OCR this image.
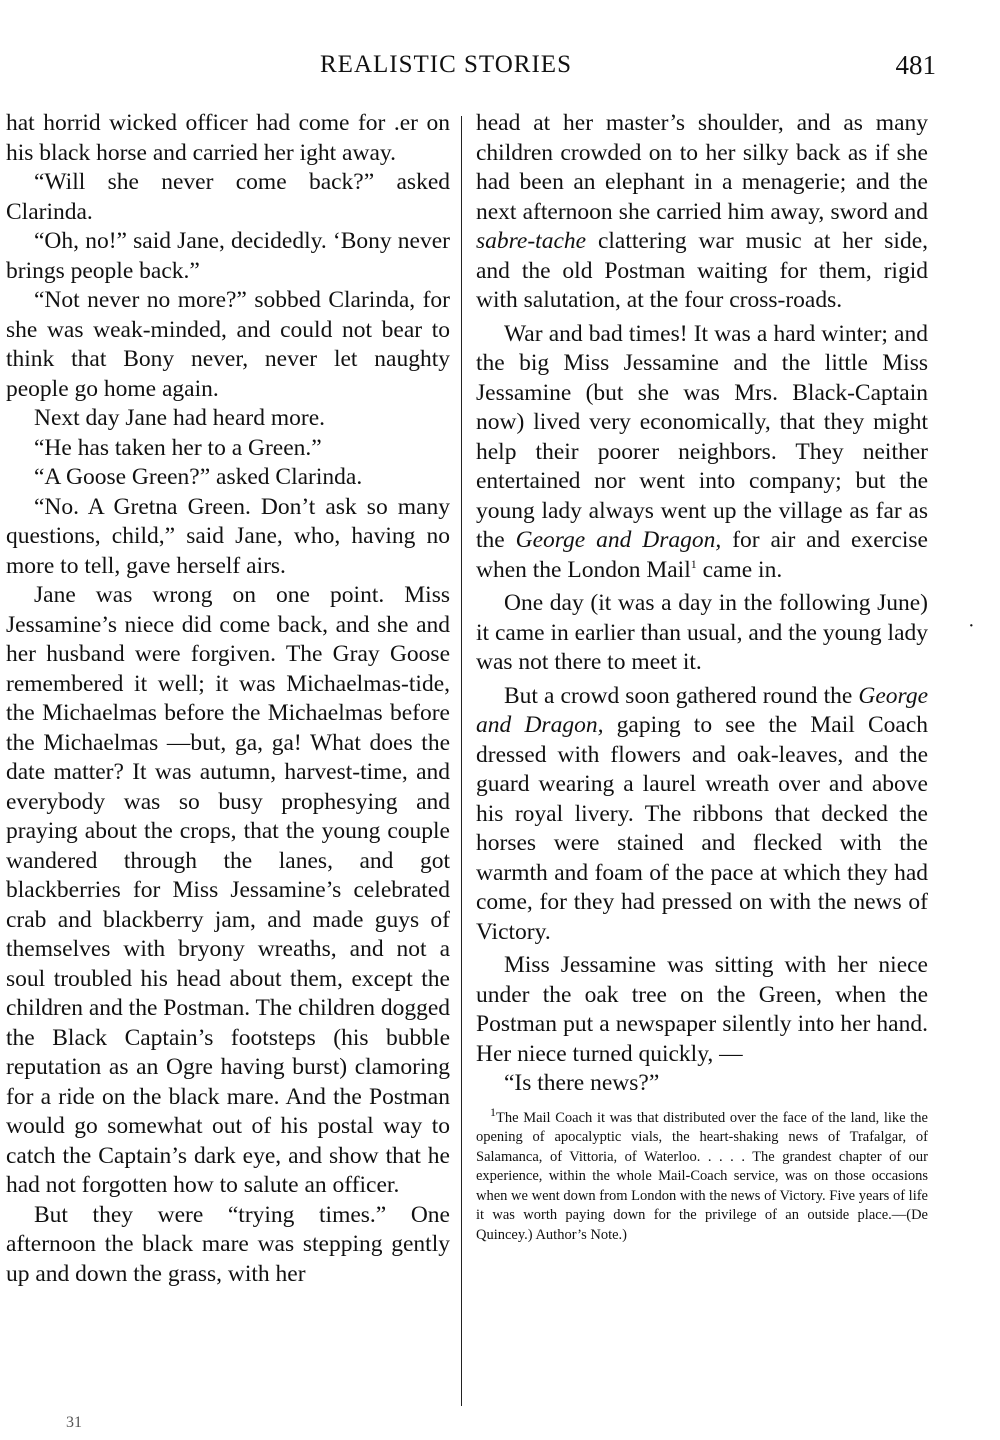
REALISTIC STORIES	481

hat horrid wicked officer had come for .er on his black horse and carried her ight away.

“Will she never come back?” asked Clarinda.

“Oh, no!” said Jane, decidedly. ‘Bony never brings people back.”

“Not never no more?” sobbed Clarinda, for she was weak-minded, and could not bear to think that Bony never, never let naughty people go home again.

Next day Jane had heard more.

“He has taken her to a Green.”

“A Goose Green?” asked Clarinda.

“No. A Gretna Green. Don’t ask so many questions, child,” said Jane, who, having no more to tell, gave herself airs.

Jane was wrong on one point. Miss Jessamine’s niece did come back, and she and her husband were forgiven. The Gray Goose remembered it well; it was Michaelmas-tide, the Michaelmas before the Michaelmas before the Michaelmas —but, ga, ga! What does the date matter? It was autumn, harvest-time, and everybody was so busy prophesying and praying about the crops, that the young couple wandered through the lanes, and got blackberries for Miss Jessamine’s celebrated crab and blackberry jam, and made guys of themselves with bryony wreaths, and not a soul troubled his head about them, except the children and the Postman. The children dogged the Black Captain’s footsteps (his bubble reputation as an Ogre having burst) clamoring for a ride on the black mare. And the Postman would go somewhat out of his postal way to catch the Captain’s dark eye, and show that he had not forgotten how to salute an officer.

But they were “trying times.” One afternoon the black mare was stepping gently up and down the grass, with her

head at her master’s shoulder, and as many children crowded on to her silky back as if she had been an elephant in a menagerie; and the next afternoon she carried him away, sword and sabre-tache clattering war music at her side, and the old Postman waiting for them, rigid with salutation, at the four cross-roads.

War and bad times! It was a hard winter; and the big Miss Jessamine and the little Miss Jessamine (but she was Mrs. Black-Captain now) lived very economically, that they might help their poorer neighbors. They neither entertained nor went into company; but the young lady always went up the village as far as the George and Dragon, for air and exercise when the London Mail$^1$ came in.

One day (it was a day in the following June) it came in earlier than usual, and the young lady was not there to meet it.

But a crowd soon gathered round the George and Dragon, gaping to see the Mail Coach dressed with flowers and oak-leaves, and the guard wearing a laurel wreath over and above his royal livery. The ribbons that decked the horses were stained and flecked with the warmth and foam of the pace at which they had come, for they had pressed on with the news of Victory.

Miss Jessamine was sitting with her niece under the oak tree on the Green, when the Postman put a newspaper silently into her hand. Her niece turned quickly, —

“Is there news?”

$^1$The Mail Coach it was that distributed over the face of the land, like the opening of apocalyptic vials, the heart-shaking news of Trafalgar, of Salamanca, of Vittoria, of Waterloo. . . . . The grandest chapter of our experience, within the whole Mail-Coach service, was on those occasions when we went down from London with the news of Victory. Five years of life it was worth paying down for the privilege of an outside place.—(De Quincey.) Author’s Note.)

·
31
